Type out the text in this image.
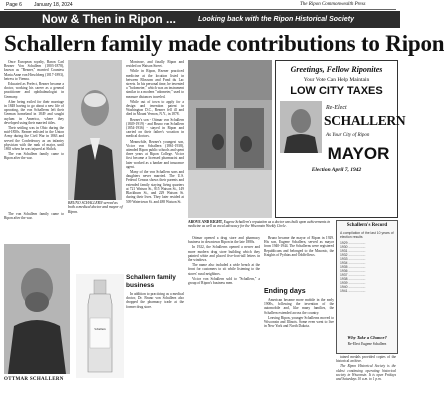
Page 6 January 18, 2024	The Ripon Commonwealth Press
Now & Then in Ripon ...	Looking back with the Ripon Historical Society
Schallern family made contributions to Ripon

Once European royalty, Baron Carl Rezner Von Schallern (1803-1878), known as "Rezner," married Countess Maria Anne von Hirschberg (1817-1893), heiress to Vienna.

Educated as Prefect, Rezner became a doctor, working his career as a general practitioner and ophthalmologist in Germany.

After being exiled for their marriage in 1848 having to go about a new life of uprooting, the von Schallerns left their German homeland in 1849 and sought asylum in America, where they developed using their married titles.

Their settling was in Ohio during the mid-1850s. Rezner enlisted in the Union Army during the Civil War in 1863 and served the Confederacy as an infantry physician with the rank of major, until 1865 when he was injured at Shiloh.

The von Schallern family came to Ripon after the war.

BRUNO SCHALLERN served as both a medical doctor and mayor of Ripon.

Montrose, and finally Ripon and resided on Watson Street.

While in Ripon, Rezner practiced medicine at the location listed in between Blossom and Fond du Lac streets. In his personal time, he invented a "bolometer," which was an instrument similar to a modern "odometer," used to measure distances traveled.

While out of town to apply for a design and invention patent in Washington D.C., Rezner fell ill and died in Mount Vernon, N.Y., in 1878.

Rezner's son - Ottmar von Schallern (1849-1919) - and Bruno von Schallern (1854-1936) - stayed in Ripon and carried on their father's vocation in medical doctors.

Meanwhile, Rezner's youngest son, Victor von Schallern (1861-1938), attended Ripon public schools and spent three years at Ripon College. Victor first became a licensed pharmacist and later worked as a banker and insurance agent.

Many of the von Schallern sons and daughters never married. The U.S. Federal Census shows their parents and extended family staying living quarters at 721 Watson St., 815 Watson St., 149 Blackburn St., and 229 Watson St. during their lives. They later resided at 509 Watertown St. and 488 Watson St.

The von Schallern family came to Ripon after the war.

OTTMAR SCHALLERN
Schallern
Schallern family business

In addition to practicing as a medical doctor, Dr. Bruno von Schallern also dropped the pharmacy trade at the former drug store.

ABOVE AND RIGHT, Eugene Schallern's reputation as a doctor was built upon achievements in medicine as well as vocal advocacy for the Wisconsin Weekly Circle.

Ottmar opened a drug store and pharmacy business in downtown Ripon in the late 1880s.

In 1922, the Schallerns opened a newer and more modern drug store building which they painted white and placed five-foot-tall letters in the windows.

The name also included a wide bench at the front for customers to sit while listening to the stores' rural neighbors.

Victor von Schallern sold to "Schallern," a group of Ripon's business men.

Bruno became the mayor of Ripon in 1929. His son, Eugene Schallern, served as mayor from 1940-1944. The Schallerns were registered Republicans and belonged to the Masonic, the Knights of Pythias and Oddfellows.

Ending days

American became more mobile in the early 1900s, following the invention of the automobile and, like many families, the Schallern extended across the country.

Leaving Ripon, younger Schallerns moved to Wisconsin and Illinois. Some even went to live in New York and North Dakota.

Greetings, Fellow Riponites
Your Vote Can Help Maintain
LOW CITY TAXES
Re-Elect
SCHALLERN
As Your City of Ripon
MAYOR
Election April 7, 1942
Schallern's Record
A compilation of the last 10 years of election results
1929 ..................
1930 ..................
1931 ..................
1932 ..................
1933 ..................
1934 ..................
1935 ..................
1936 ..................
1937 ..................
1938 ..................
1939 ..................
1940 ..................
1941 ..................
Why Take a Chance?
Re-Elect Eugene Schallern

tained medals provided copies of the historical archive.

The Ripon Historical Society is the oldest continuing operating historical society in Wisconsin. It is open Fridays and Saturdays 10 a.m. to 1 p.m.
